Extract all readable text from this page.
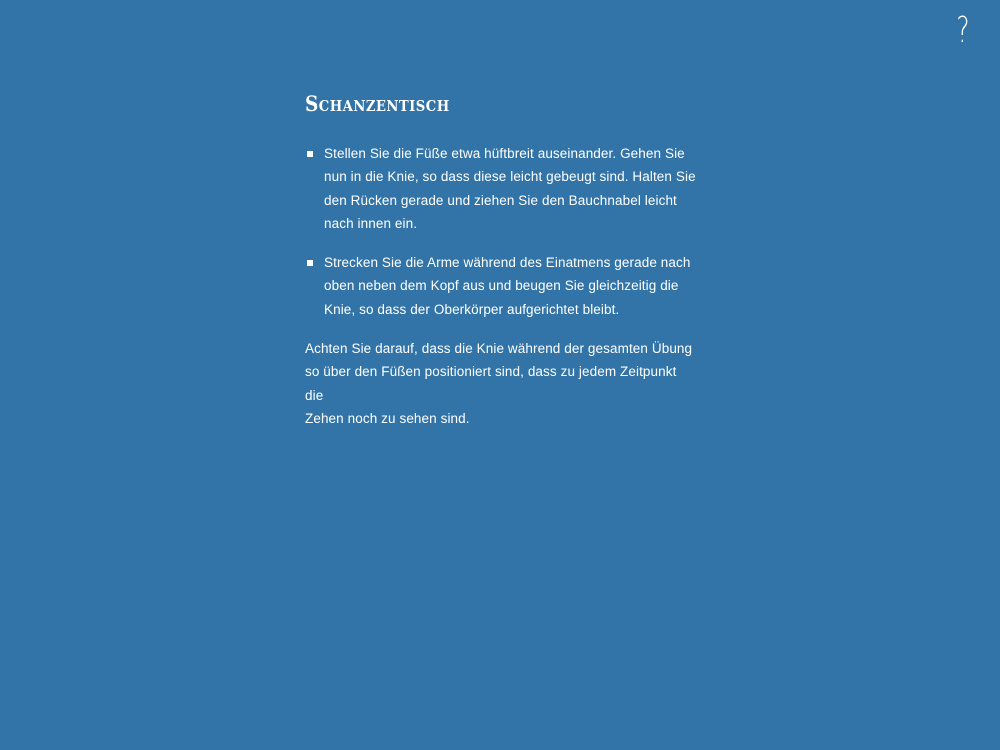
?
Schanzentisch
Stellen Sie die Füße etwa hüftbreit auseinander. Gehen Sie
nun in die Knie, so dass diese leicht gebeugt sind. Halten Sie
den Rücken gerade und ziehen Sie den Bauchnabel leicht
nach innen ein.
Strecken Sie die Arme während des Einatmens gerade nach
oben neben dem Kopf aus und beugen Sie gleichzeitig die
Knie, so dass der Oberkörper aufgerichtet bleibt.
Achten Sie darauf, dass die Knie während der gesamten Übung
so über den Füßen positioniert sind, dass zu jedem Zeitpunkt die
Zehen noch zu sehen sind.
